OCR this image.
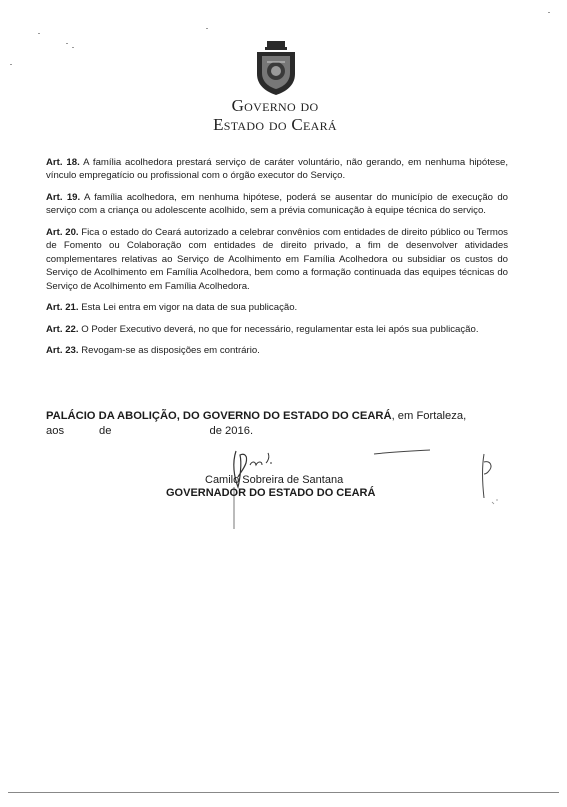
Governo do
Estado do Ceará

Art. 18. A família acolhedora prestará serviço de caráter voluntário, não gerando, em nenhuma hipótese, vínculo empregatício ou profissional com o órgão executor do Serviço.

Art. 19. A família acolhedora, em nenhuma hipótese, poderá se ausentar do município de execução do serviço com a criança ou adolescente acolhido, sem a prévia comunicação à equipe técnica do serviço.

Art. 20. Fica o estado do Ceará autorizado a celebrar convênios com entidades de direito público ou Termos de Fomento ou Colaboração com entidades de direito privado, a fim de desenvolver atividades complementares relativas ao Serviço de Acolhimento em Família Acolhedora ou subsidiar os custos do Serviço de Acolhimento em Família Acolhedora, bem como a formação continuada das equipes técnicas do Serviço de Acolhimento em Família Acolhedora.

Art. 21. Esta Lei entra em vigor na data de sua publicação.

Art. 22. O Poder Executivo deverá, no que for necessário, regulamentar esta lei após sua publicação.

Art. 23. Revogam-se as disposições em contrário.

PALÁCIO DA ABOLIÇÃO, DO GOVERNO DO ESTADO DO CEARÁ, em Fortaleza,
aos	de	de 2016.
Camilo Sobreira de Santana
GOVERNADOR DO ESTADO DO CEARÁ
